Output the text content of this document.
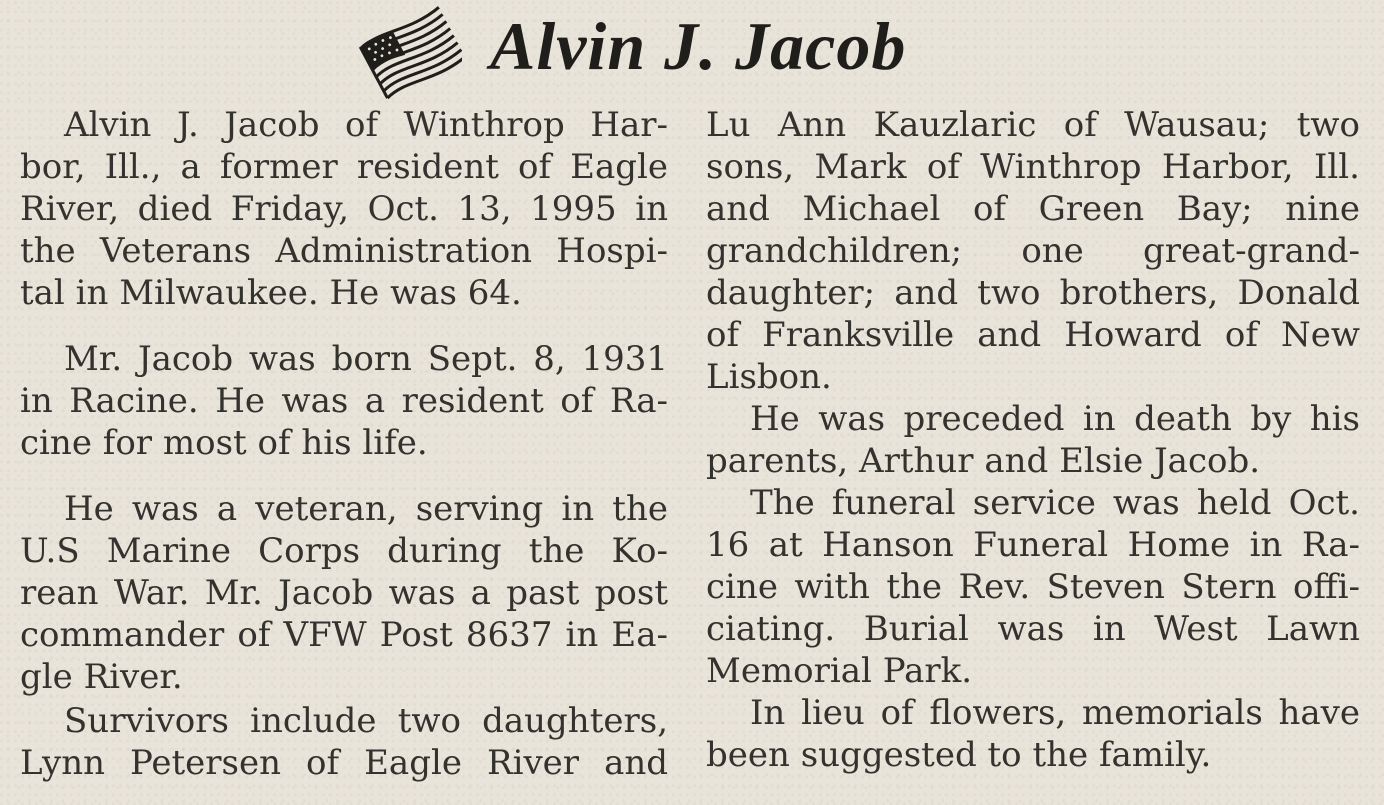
Alvin J. Jacob
Alvin J. Jacob of Winthrop Har-
bor, Ill., a former resident of Eagle
River, died Friday, Oct. 13, 1995 in
the Veterans Administration Hospi-
tal in Milwaukee. He was 64.
Mr. Jacob was born Sept. 8, 1931
in Racine. He was a resident of Ra-
cine for most of his life.
He was a veteran, serving in the
U.S Marine Corps during the Ko-
rean War. Mr. Jacob was a past post
commander of VFW Post 8637 in Ea-
gle River.
Survivors include two daughters,
Lynn Petersen of Eagle River and
Lu Ann Kauzlaric of Wausau; two
sons, Mark of Winthrop Harbor, Ill.
and Michael of Green Bay; nine
grandchildren; one great-grand-
daughter; and two brothers, Donald
of Franksville and Howard of New
Lisbon.
He was preceded in death by his
parents, Arthur and Elsie Jacob.
The funeral service was held Oct.
16 at Hanson Funeral Home in Ra-
cine with the Rev. Steven Stern offi-
ciating. Burial was in West Lawn
Memorial Park.
In lieu of flowers, memorials have
been suggested to the family.
